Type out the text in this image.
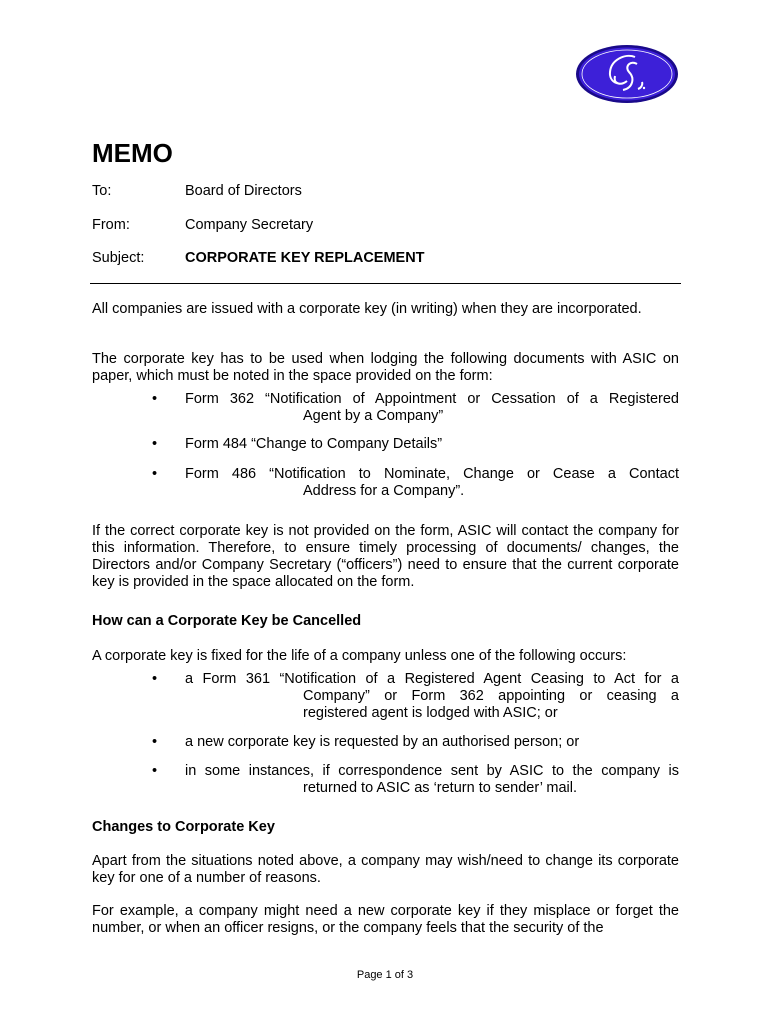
MEMO
To:	Board of Directors
From:	Company Secretary
Subject:	CORPORATE KEY REPLACEMENT
All companies are issued with a corporate key (in writing) when they are incorporated.
The corporate key has to be used when lodging the following documents with ASIC on paper, which must be noted in the space provided on the form:
• Form 362 “Notification of Appointment or Cessation of a Registered
Agent by a Company”
• Form 484 “Change to Company Details”
• Form 486 “Notification to Nominate, Change or Cease a Contact
Address for a Company”.
If the correct corporate key is not provided on the form, ASIC will contact the company for this information. Therefore, to ensure timely processing of documents/ changes, the Directors and/or Company Secretary (“officers”) need to ensure that the current corporate key is provided in the space allocated on the form.
How can a Corporate Key be Cancelled
A corporate key is fixed for the life of a company unless one of the following occurs:
• a Form 361 “Notification of a Registered Agent Ceasing to Act for a
Company” or Form 362 appointing or ceasing a
registered agent is lodged with ASIC; or
• a new corporate key is requested by an authorised person; or
• in some instances, if correspondence sent by ASIC to the company is
returned to ASIC as ‘return to sender’ mail.
Changes to Corporate Key
Apart from the situations noted above, a company may wish/need to change its corporate key for one of a number of reasons.
For example, a company might need a new corporate key if they misplace or forget the number, or when an officer resigns, or the company feels that the security of the
Page 1 of 3
